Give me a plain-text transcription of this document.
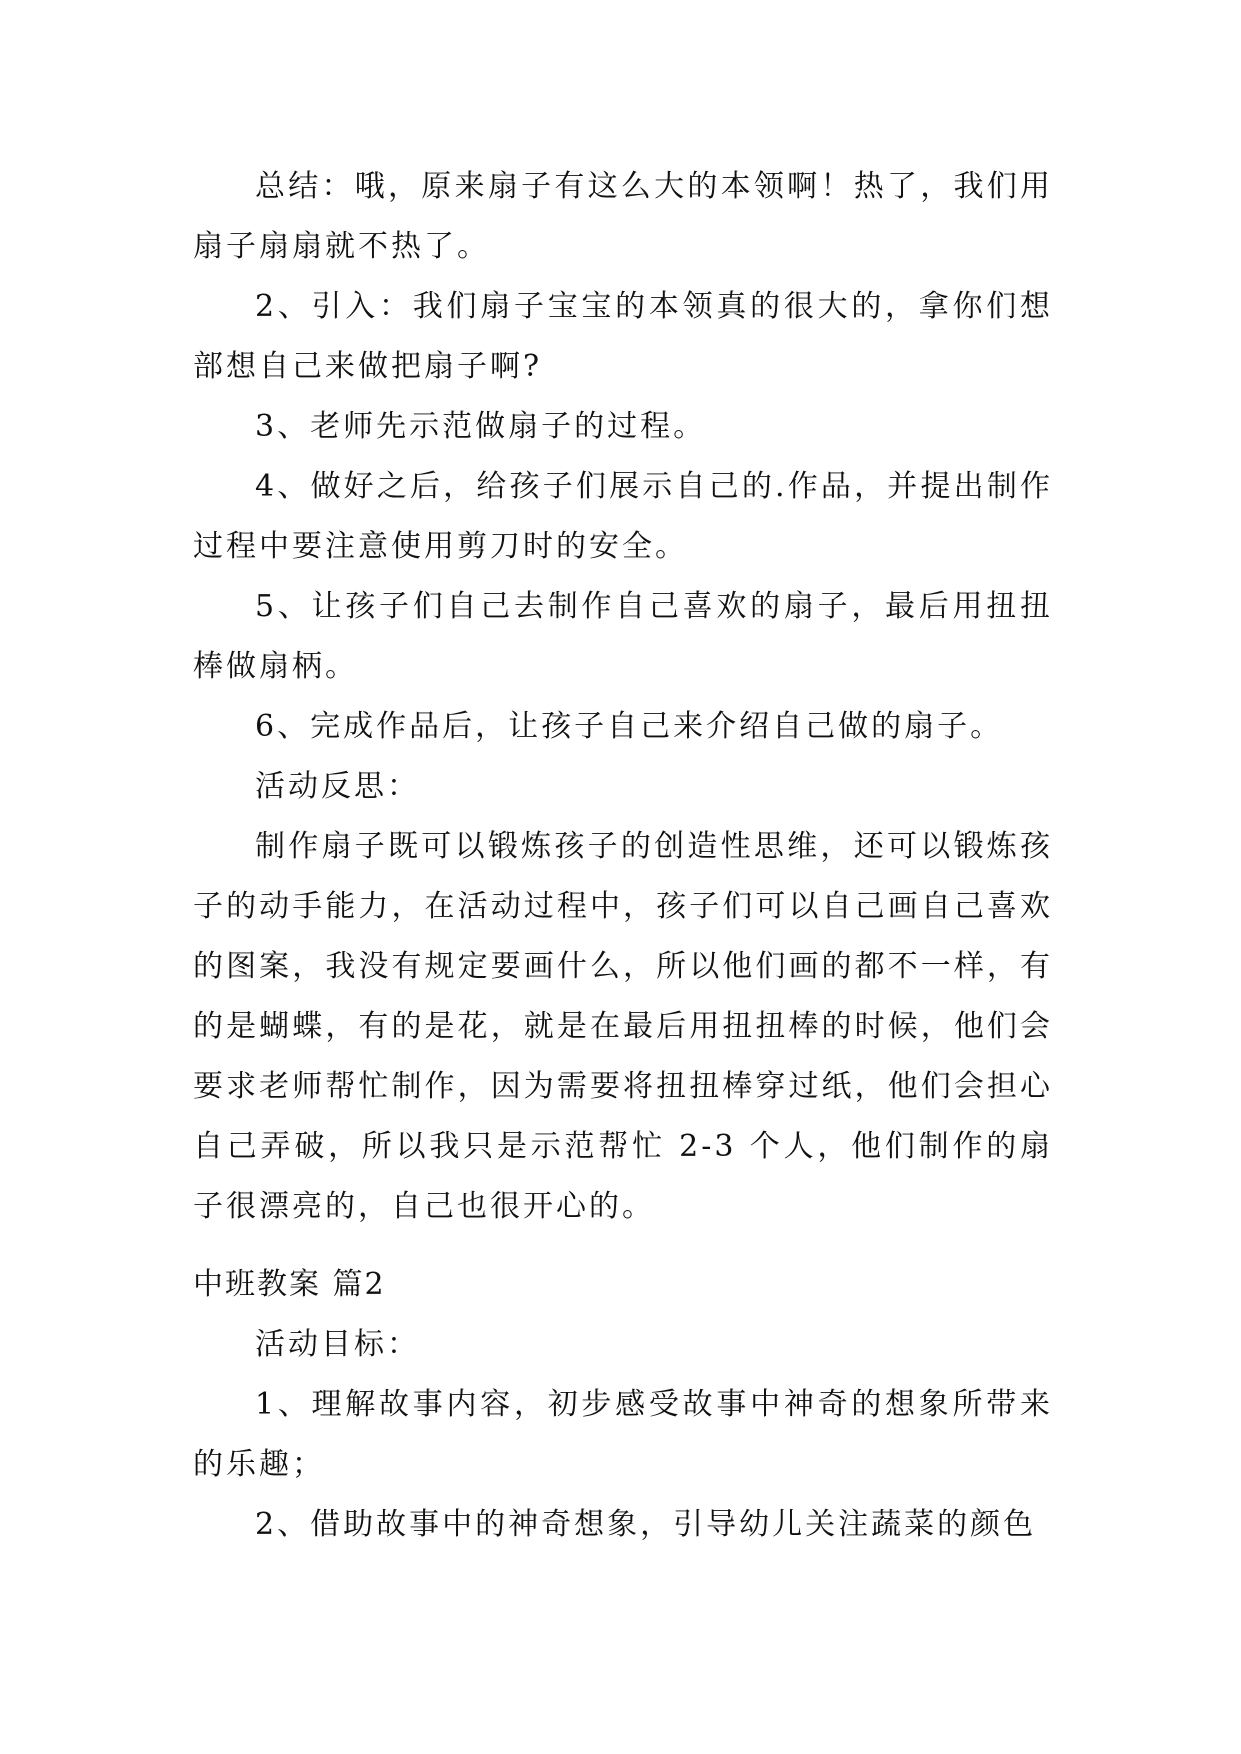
总结：哦，原来扇子有这么大的本领啊！热了，我们用扇子扇扇就不热了。

2、引入：我们扇子宝宝的本领真的很大的，拿你们想部想自己来做把扇子啊?

3、老师先示范做扇子的过程。

4、做好之后，给孩子们展示自己的.作品，并提出制作过程中要注意使用剪刀时的安全。

5、让孩子们自己去制作自己喜欢的扇子，最后用扭扭棒做扇柄。

6、完成作品后，让孩子自己来介绍自己做的扇子。

活动反思：

制作扇子既可以锻炼孩子的创造性思维，还可以锻炼孩子的动手能力，在活动过程中，孩子们可以自己画自己喜欢的图案，我没有规定要画什么，所以他们画的都不一样，有的是蝴蝶，有的是花，就是在最后用扭扭棒的时候，他们会要求老师帮忙制作，因为需要将扭扭棒穿过纸，他们会担心自己弄破，所以我只是示范帮忙 2-3 个人，他们制作的扇子很漂亮的，自己也很开心的。

中班教案 篇2

活动目标：

1、理解故事内容，初步感受故事中神奇的想象所带来的乐趣；

2、借助故事中的神奇想象，引导幼儿关注蔬菜的颜色
